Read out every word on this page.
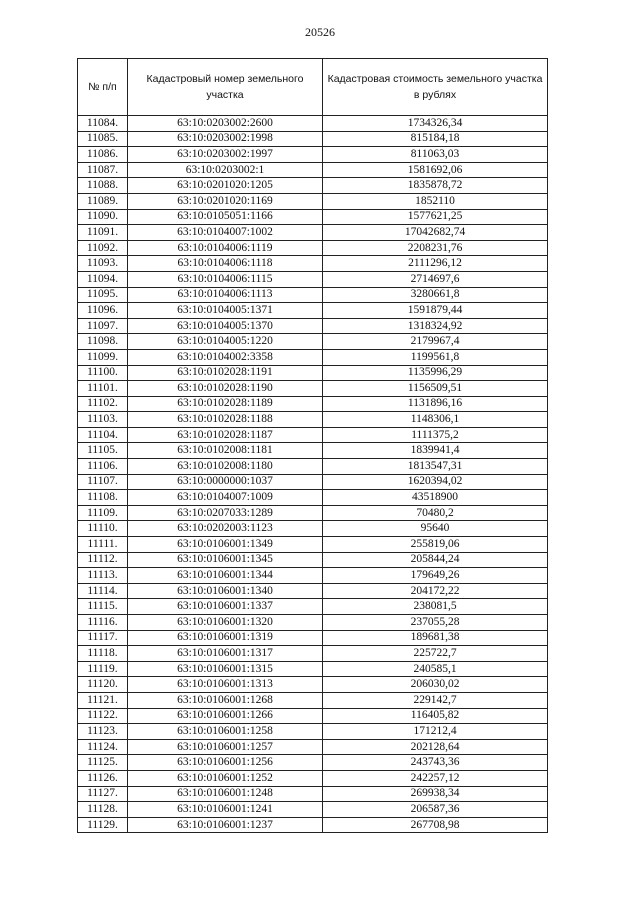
20526
№ п/п	Кадастровый номер земельного участка	Кадастровая стоимость земельного участка в рублях
11084.	63:10:0203002:2600	1734326,34
11085.	63:10:0203002:1998	815184,18
11086.	63:10:0203002:1997	811063,03
11087.	63:10:0203002:1	1581692,06
11088.	63:10:0201020:1205	1835878,72
11089.	63:10:0201020:1169	1852110
11090.	63:10:0105051:1166	1577621,25
11091.	63:10:0104007:1002	17042682,74
11092.	63:10:0104006:1119	2208231,76
11093.	63:10:0104006:1118	2111296,12
11094.	63:10:0104006:1115	2714697,6
11095.	63:10:0104006:1113	3280661,8
11096.	63:10:0104005:1371	1591879,44
11097.	63:10:0104005:1370	1318324,92
11098.	63:10:0104005:1220	2179967,4
11099.	63:10:0104002:3358	1199561,8
11100.	63:10:0102028:1191	1135996,29
11101.	63:10:0102028:1190	1156509,51
11102.	63:10:0102028:1189	1131896,16
11103.	63:10:0102028:1188	1148306,1
11104.	63:10:0102028:1187	1111375,2
11105.	63:10:0102008:1181	1839941,4
11106.	63:10:0102008:1180	1813547,31
11107.	63:10:0000000:1037	1620394,02
11108.	63:10:0104007:1009	43518900
11109.	63:10:0207033:1289	70480,2
11110.	63:10:0202003:1123	95640
11111.	63:10:0106001:1349	255819,06
11112.	63:10:0106001:1345	205844,24
11113.	63:10:0106001:1344	179649,26
11114.	63:10:0106001:1340	204172,22
11115.	63:10:0106001:1337	238081,5
11116.	63:10:0106001:1320	237055,28
11117.	63:10:0106001:1319	189681,38
11118.	63:10:0106001:1317	225722,7
11119.	63:10:0106001:1315	240585,1
11120.	63:10:0106001:1313	206030,02
11121.	63:10:0106001:1268	229142,7
11122.	63:10:0106001:1266	116405,82
11123.	63:10:0106001:1258	171212,4
11124.	63:10:0106001:1257	202128,64
11125.	63:10:0106001:1256	243743,36
11126.	63:10:0106001:1252	242257,12
11127.	63:10:0106001:1248	269938,34
11128.	63:10:0106001:1241	206587,36
11129.	63:10:0106001:1237	267708,98
